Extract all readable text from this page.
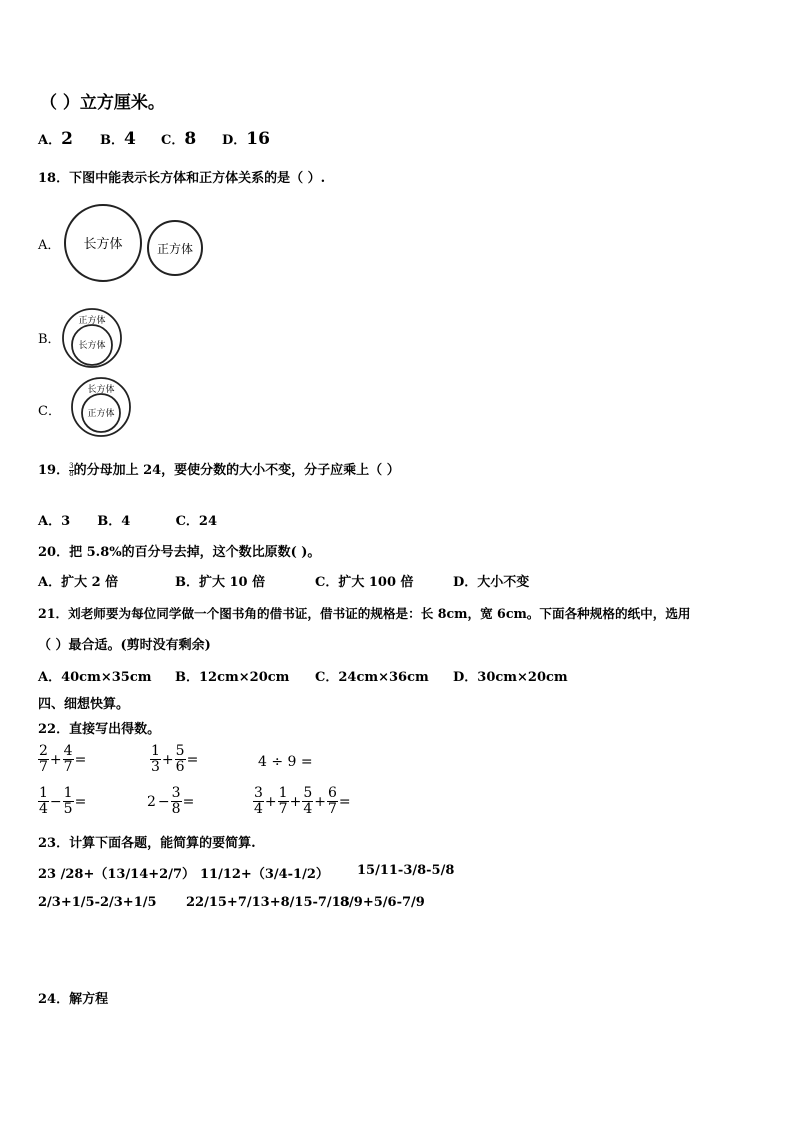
（ ）立方厘米。
A．2 B．4 C．8 D．16
18．下图中能表示长方体和正方体关系的是（ ）.
A． 长方体	正方体
B．
正方体
长方体
C．
长方体
正方体
19． $\frac{3}{8}$ 的分母加上 24，要使分数的大小不变，分子应乘上（ ）
A．3      B．4          C．24
20．把 5.8%的百分号去掉，这个数比原数( )。
A．扩大 2 倍	B．扩大 10 倍	C．扩大 100 倍	D．大小不变
21．刘老师要为每位同学做一个图书角的借书证，借书证的规格是：长 8cm，宽 6cm。下面各种规格的纸中，选用
（ ）最合适。(剪时没有剩余)
A．40cm×35cm B．12cm×20cm C．24cm×36cm D．30cm×20cm
四、细想快算。
22．直接写出得数。
$\frac{2}{7} + \frac{4}{7}$ =	$\frac{1}{3} + \frac{5}{6}$ =	4 ÷ 9 =
$\frac{1}{4} - \frac{1}{5}$ =	$2 - \frac{3}{8}$ =	$\frac{3}{4} + \frac{1}{7} + \frac{5}{4} + \frac{6}{7}$ =
23．计算下面各题，能简算的要简算.
23 /28+（13/14+2/7） 11/12+（3/4-1/2） 15/11-3/8-5/8
2/3+1/5-2/3+1/5 22/15+7/13+8/15-7/13
8/9+5/6-7/9
24．解方程
